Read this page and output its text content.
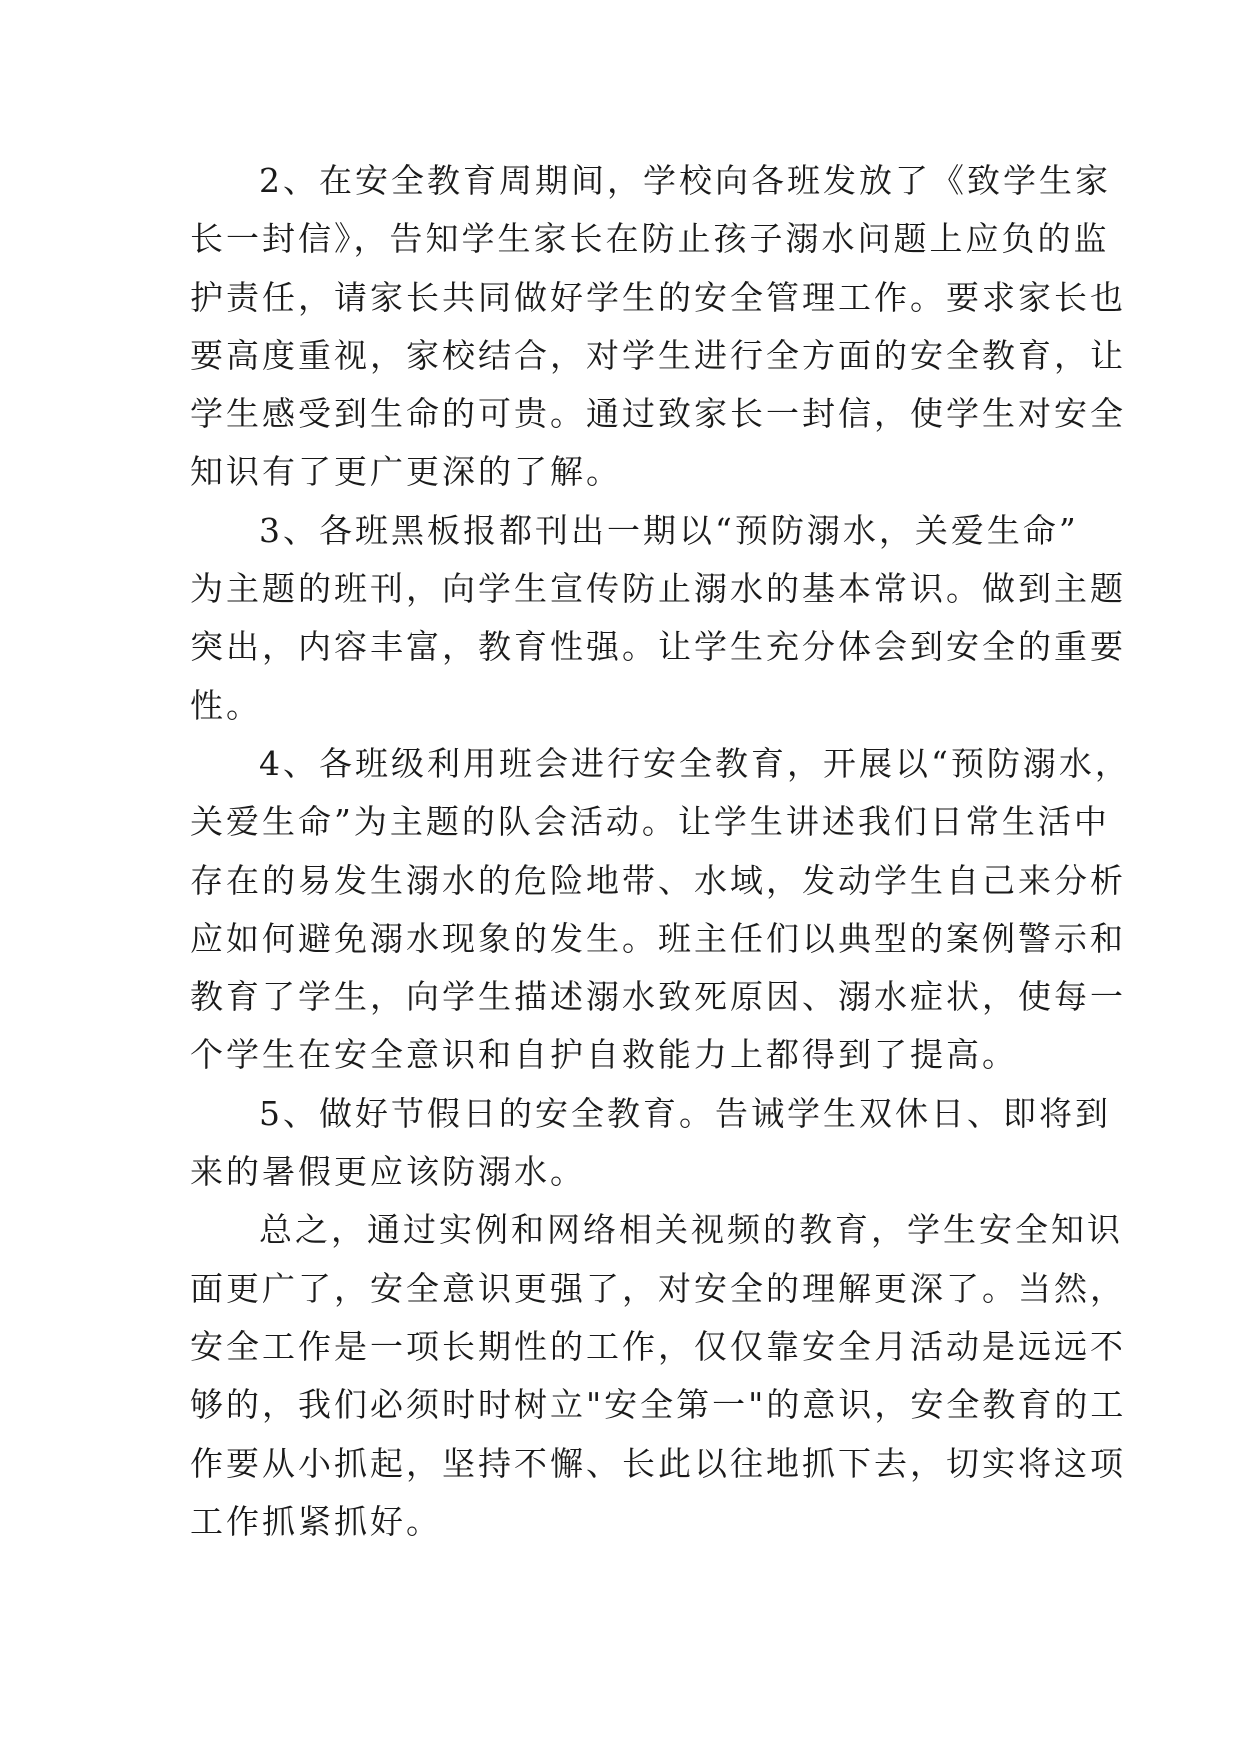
2、在安全教育周期间，学校向各班发放了《致学生家
长一封信》，告知学生家长在防止孩子溺水问题上应负的监
护责任，请家长共同做好学生的安全管理工作。要求家长也
要高度重视，家校结合，对学生进行全方面的安全教育，让
学生感受到生命的可贵。通过致家长一封信，使学生对安全
知识有了更广更深的了解。
3、各班黑板报都刊出一期以“预防溺水，关爱生命”
为主题的班刊，向学生宣传防止溺水的基本常识。做到主题
突出，内容丰富，教育性强。让学生充分体会到安全的重要
性。
4、各班级利用班会进行安全教育，开展以“预防溺水，
关爱生命”为主题的队会活动。让学生讲述我们日常生活中
存在的易发生溺水的危险地带、水域，发动学生自己来分析
应如何避免溺水现象的发生。班主任们以典型的案例警示和
教育了学生，向学生描述溺水致死原因、溺水症状，使每一
个学生在安全意识和自护自救能力上都得到了提高。
5、做好节假日的安全教育。告诫学生双休日、即将到
来的暑假更应该防溺水。
总之，通过实例和网络相关视频的教育，学生安全知识
面更广了，安全意识更强了，对安全的理解更深了。当然，
安全工作是一项长期性的工作，仅仅靠安全月活动是远远不
够的，我们必须时时树立"安全第一"的意识，安全教育的工
作要从小抓起，坚持不懈、长此以往地抓下去，切实将这项
工作抓紧抓好。
